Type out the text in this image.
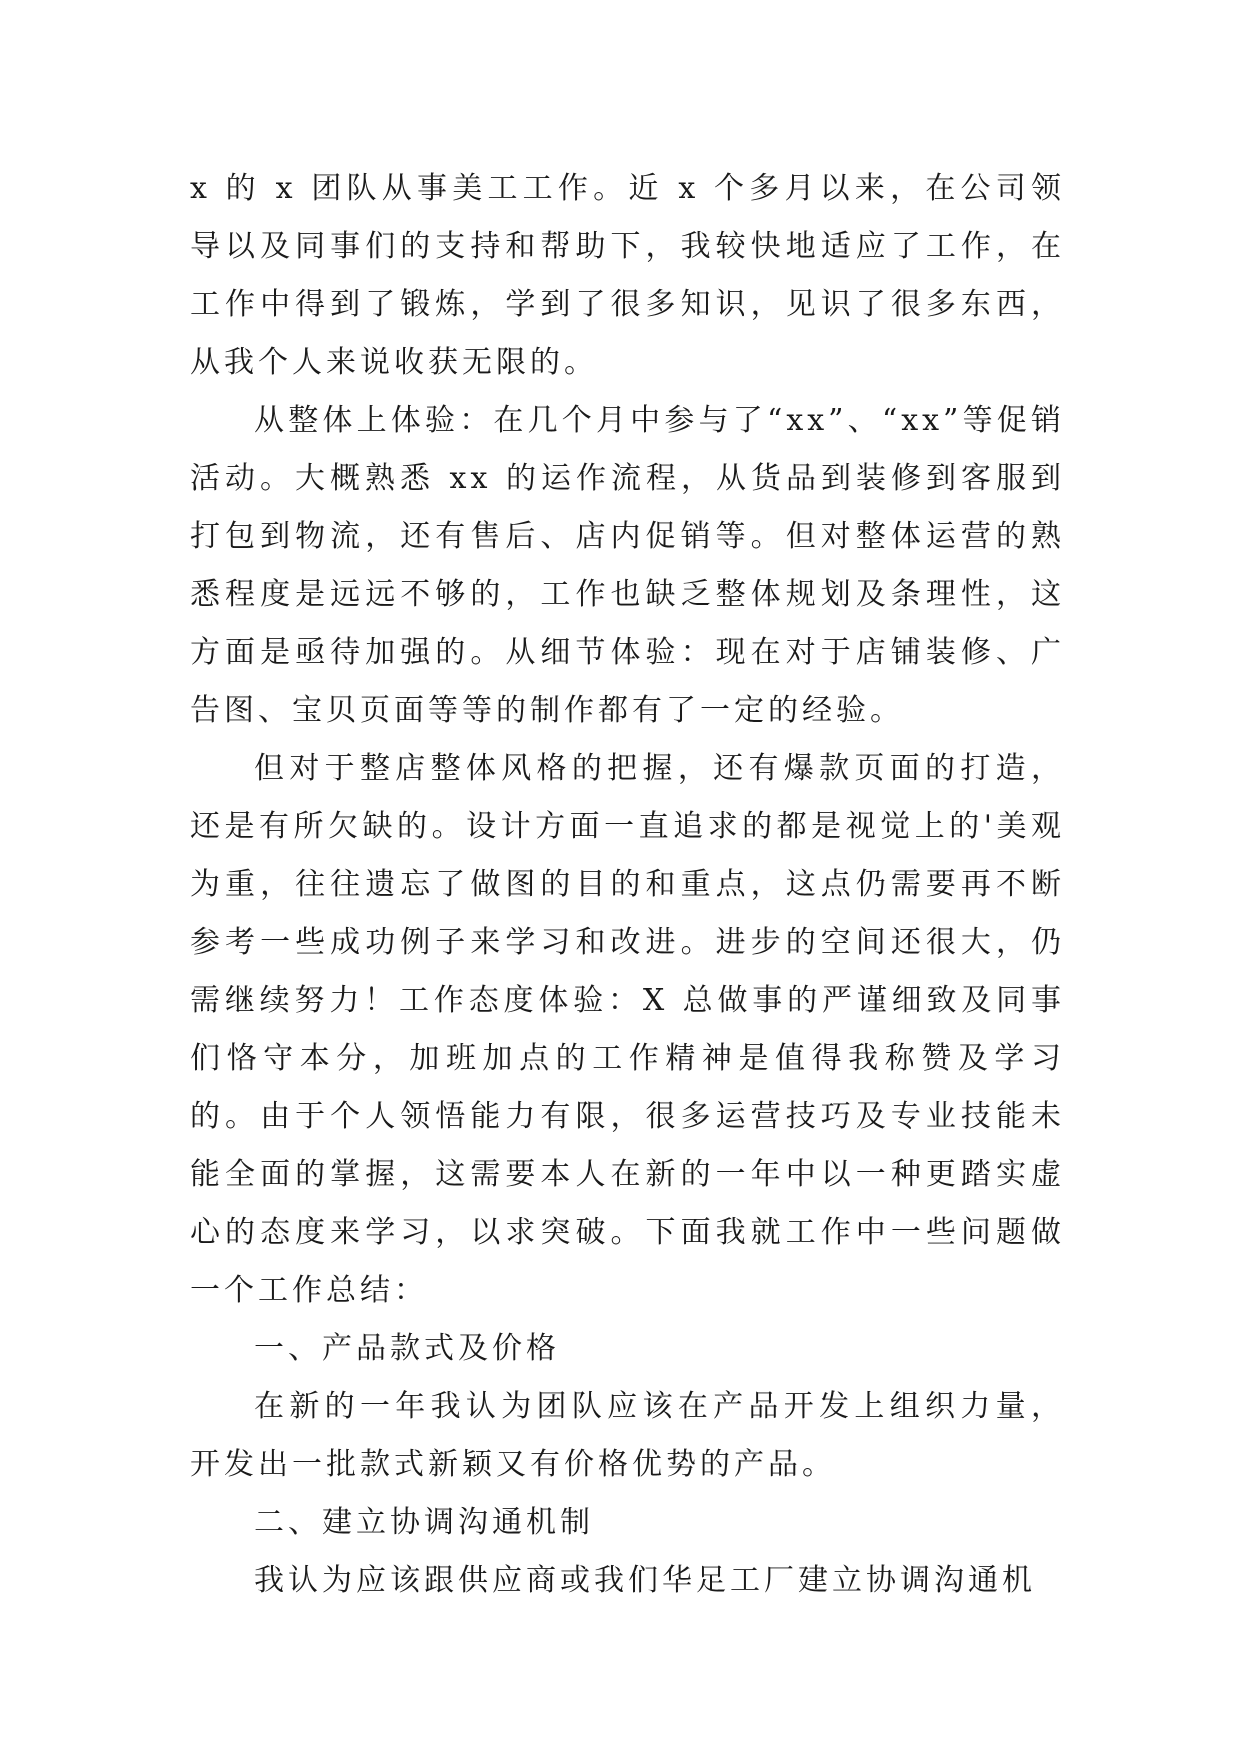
x 的 x 团队从事美工工作。近 x 个多月以来，在公司领导以及同事们的支持和帮助下，我较快地适应了工作，在工作中得到了锻炼，学到了很多知识，见识了很多东西，从我个人来说收获无限的。

从整体上体验：在几个月中参与了“xx”、“xx”等促销活动。大概熟悉 xx 的运作流程，从货品到装修到客服到打包到物流，还有售后、店内促销等。但对整体运营的熟悉程度是远远不够的，工作也缺乏整体规划及条理性，这方面是亟待加强的。从细节体验：现在对于店铺装修、广告图、宝贝页面等等的制作都有了一定的经验。

但对于整店整体风格的把握，还有爆款页面的打造，还是有所欠缺的。设计方面一直追求的都是视觉上的'美观为重，往往遗忘了做图的目的和重点，这点仍需要再不断参考一些成功例子来学习和改进。进步的空间还很大，仍需继续努力！工作态度体验：X 总做事的严谨细致及同事们恪守本分，加班加点的工作精神是值得我称赞及学习的。由于个人领悟能力有限，很多运营技巧及专业技能未能全面的掌握，这需要本人在新的一年中以一种更踏实虚心的态度来学习，以求突破。下面我就工作中一些问题做一个工作总结：

一、产品款式及价格

在新的一年我认为团队应该在产品开发上组织力量，开发出一批款式新颖又有价格优势的产品。

二、建立协调沟通机制

我认为应该跟供应商或我们华足工厂建立协调沟通机
